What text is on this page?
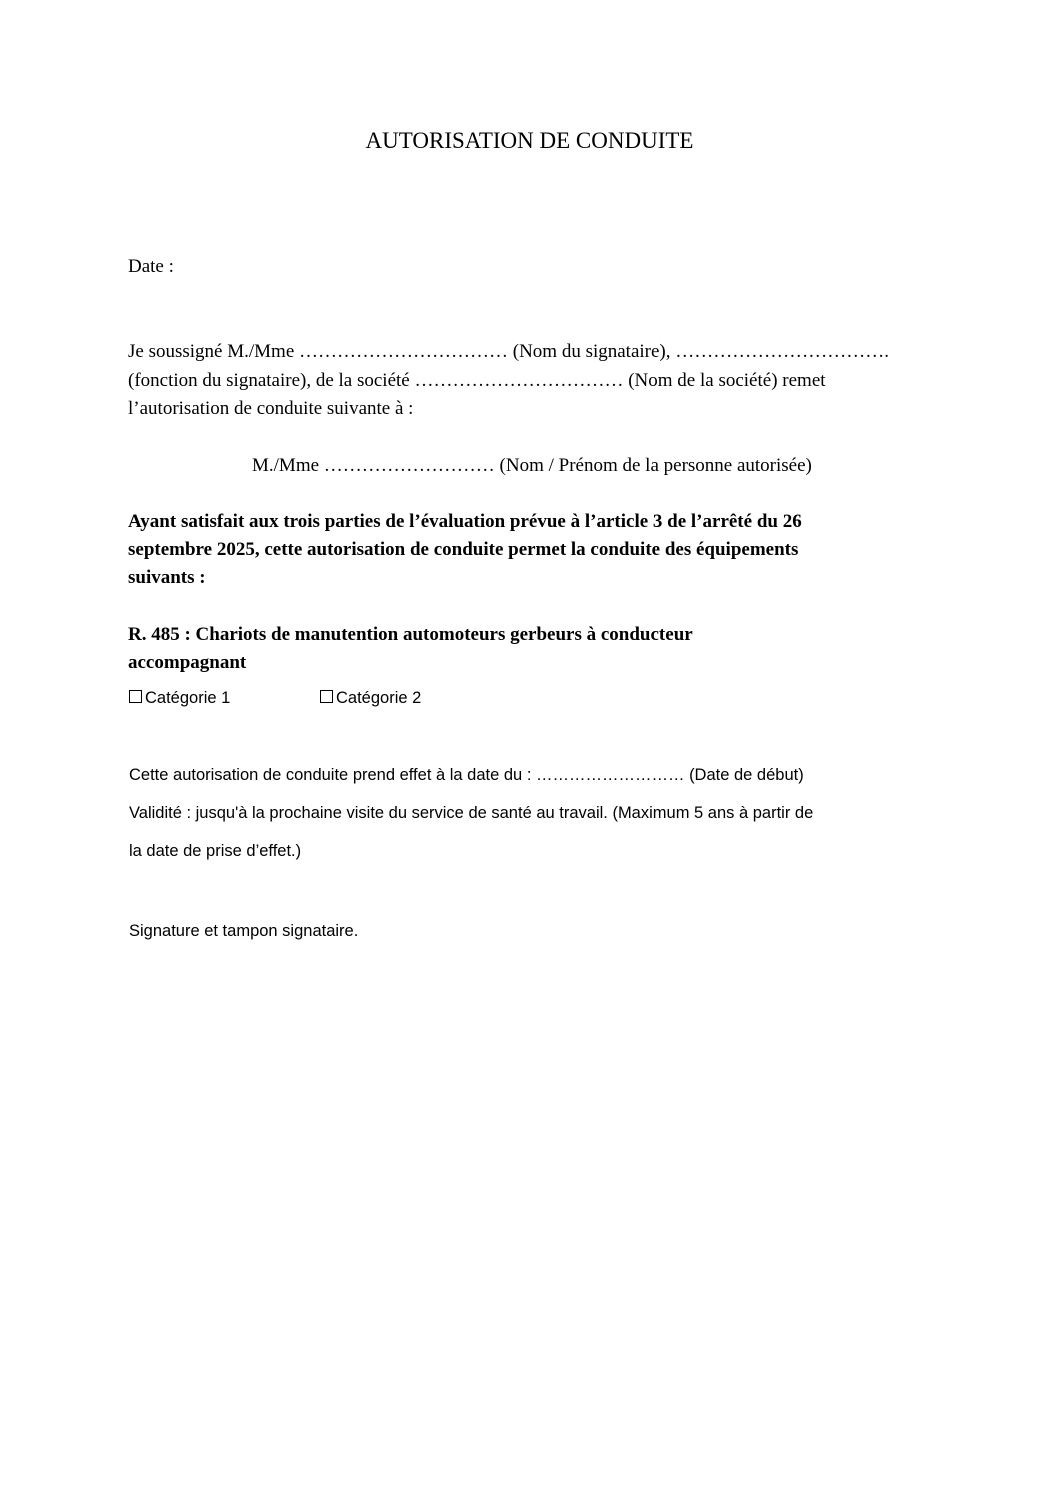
AUTORISATION DE CONDUITE
Date :
Je soussigné M./Mme …………………………… (Nom du signataire), …………………………….
(fonction du signataire), de la société …………………………… (Nom de la société) remet
l’autorisation de conduite suivante à :
M./Mme ……………………… (Nom / Prénom de la personne autorisée)
Ayant satisfait aux trois parties de l’évaluation prévue à l’article 3 de l’arrêté du 26
septembre 2025, cette autorisation de conduite permet la conduite des équipements
suivants :
R. 485 : Chariots de manutention automoteurs gerbeurs à conducteur
accompagnant
Catégorie 1	Catégorie 2
Cette autorisation de conduite prend effet à la date du : ……………………… (Date de début)
Validité : jusqu'à la prochaine visite du service de santé au travail. (Maximum 5 ans à partir de
la date de prise d’effet.)
Signature et tampon signataire.
